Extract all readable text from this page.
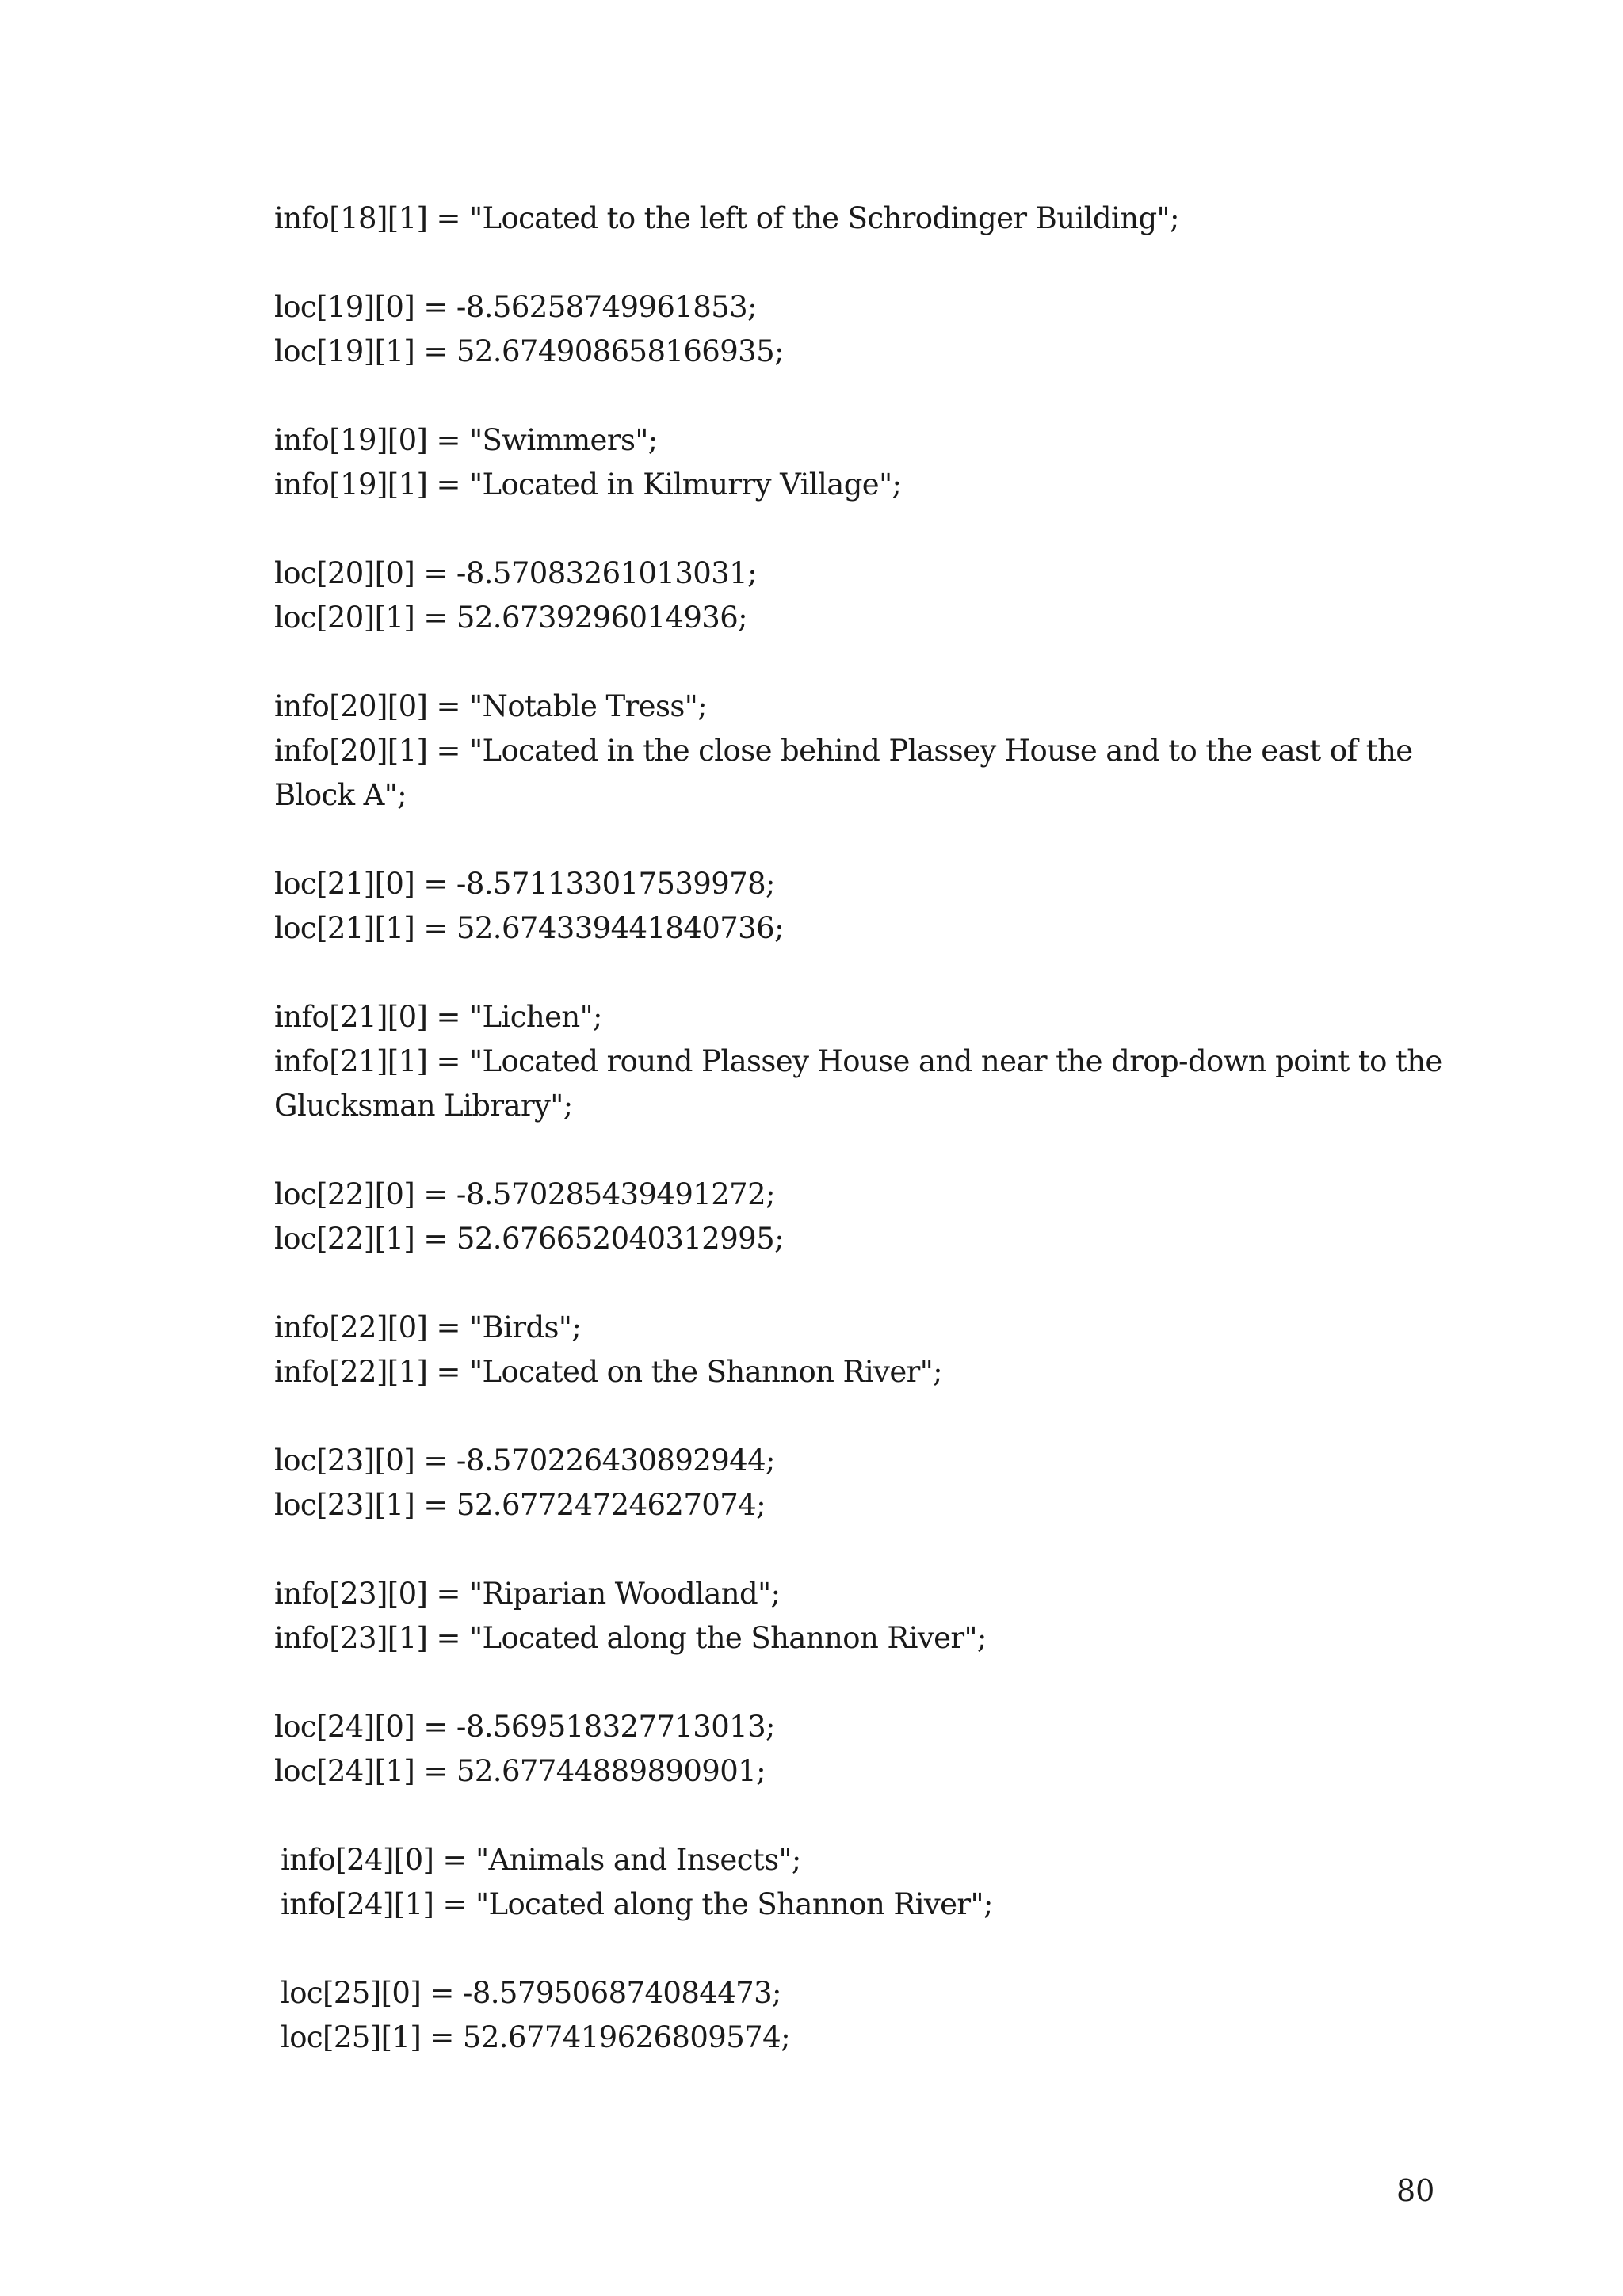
info[18][1] = "Located to the left of the Schrodinger Building";
loc[19][0] = -8.56258749961853;
loc[19][1] = 52.674908658166935;
info[19][0] = "Swimmers";
info[19][1] = "Located in Kilmurry Village";
loc[20][0] = -8.57083261013031;
loc[20][1] = 52.6739296014936;
info[20][0] = "Notable Tress";
info[20][1] = "Located in the close behind Plassey House and to the east of the
Block A";
loc[21][0] = -8.571133017539978;
loc[21][1] = 52.674339441840736;
info[21][0] = "Lichen";
info[21][1] = "Located round Plassey House and near the drop-down point to the
Glucksman Library";
loc[22][0] = -8.570285439491272;
loc[22][1] = 52.676652040312995;
info[22][0] = "Birds";
info[22][1] = "Located on the Shannon River";
loc[23][0] = -8.570226430892944;
loc[23][1] = 52.67724724627074;
info[23][0] = "Riparian Woodland";
info[23][1] = "Located along the Shannon River";
loc[24][0] = -8.569518327713013;
loc[24][1] = 52.67744889890901;
info[24][0] = "Animals and Insects";
info[24][1] = "Located along the Shannon River";
loc[25][0] = -8.579506874084473;
loc[25][1] = 52.677419626809574;
80
